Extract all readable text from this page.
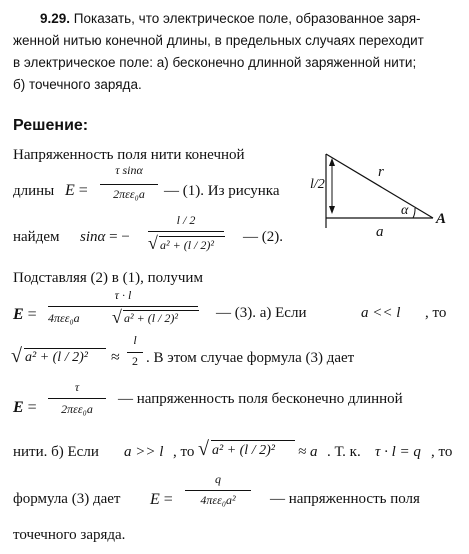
9.29. Показать, что электрическое поле, образованное заря-
женной нитью конечной длины, в предельных случаях переходит
в электрическое поле: а) бесконечно длинной заряженной нити;
б) точечного заряда.
Решение:
l/2
r
α
a
A
Напряженность поля нити конечной
длины E =
τ sinα
2πεε₀a	— (1). Из рисунка
найдем sinα = −
l / 2
√ a² + (l / 2)² — (2).
Подставляя (2) в (1), получим
E =
τ · l
4πεε₀a √ a² + (l / 2)²	— (3). а) Если	a << l , то
√ a² + (l / 2)² ≈
l
2 . В этом случае формула (3) дает
E =
τ
2πεε₀a
— напряженность поля бесконечно длинной
нити. б) Если a >> l , то √ a² + (l / 2)² ≈ a . Т. к. τ · l = q , то
формула (3) дает E =
q
4πεε₀a²	— напряженность поля
точечного заряда.
